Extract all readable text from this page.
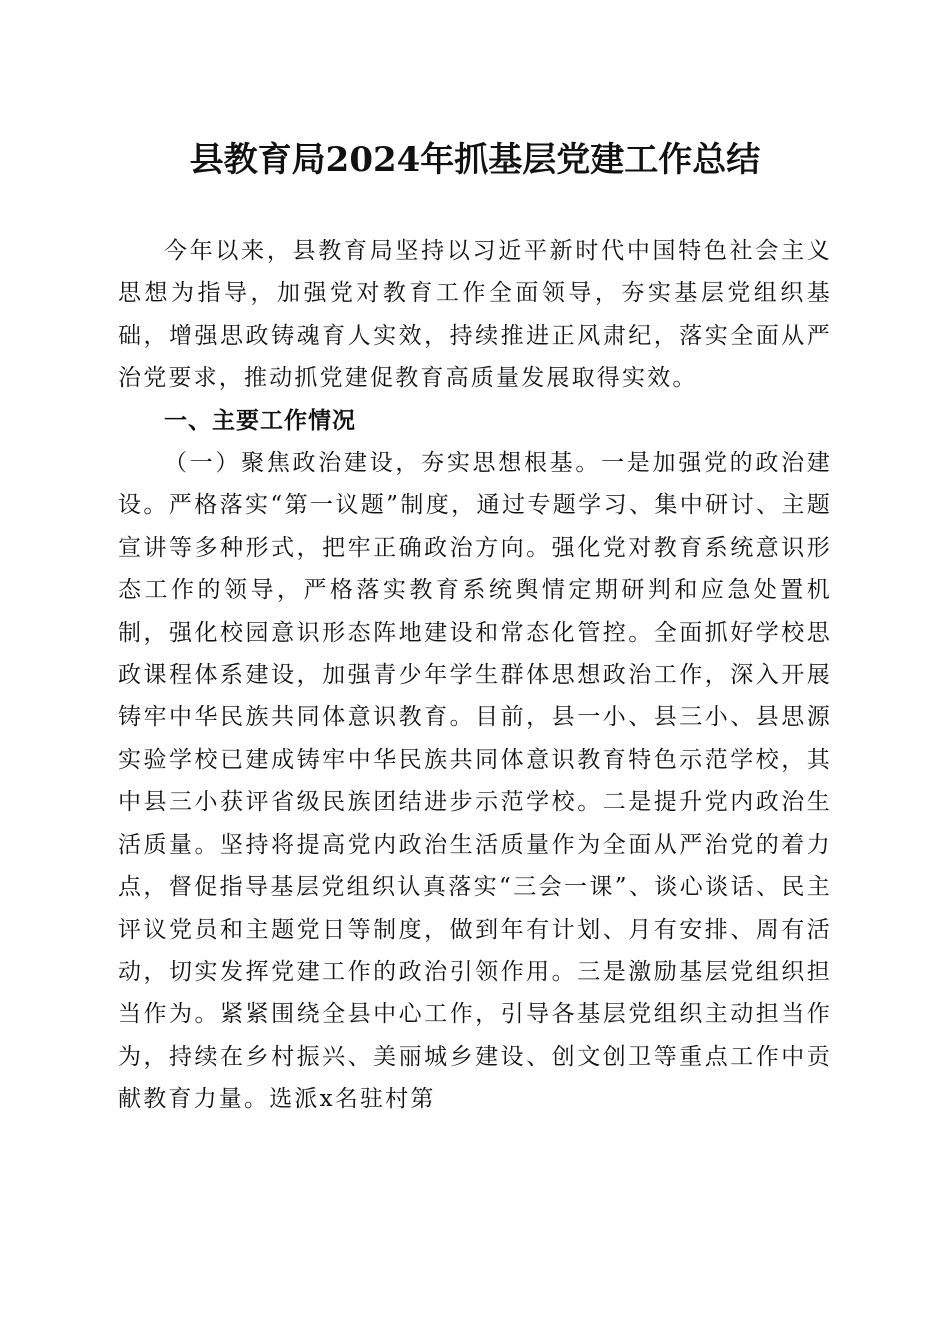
县教育局2024年抓基层党建工作总结

今年以来，县教育局坚持以习近平新时代中国特色社会主义思想为指导，加强党对教育工作全面领导，夯实基层党组织基础，增强思政铸魂育人实效，持续推进正风肃纪，落实全面从严治党要求，推动抓党建促教育高质量发展取得实效。

一、主要工作情况

（一）聚焦政治建设，夯实思想根基。一是加强党的政治建设。严格落实“第一议题”制度，通过专题学习、集中研讨、主题宣讲等多种形式，把牢正确政治方向。强化党对教育系统意识形态工作的领导，严格落实教育系统舆情定期研判和应急处置机制，强化校园意识形态阵地建设和常态化管控。全面抓好学校思政课程体系建设，加强青少年学生群体思想政治工作，深入开展铸牢中华民族共同体意识教育。目前，县一小、县三小、县思源实验学校已建成铸牢中华民族共同体意识教育特色示范学校，其中县三小获评省级民族团结进步示范学校。二是提升党内政治生活质量。坚持将提高党内政治生活质量作为全面从严治党的着力点，督促指导基层党组织认真落实“三会一课”、谈心谈话、民主评议党员和主题党日等制度，做到年有计划、月有安排、周有活动，切实发挥党建工作的政治引领作用。三是激励基层党组织担当作为。紧紧围绕全县中心工作，引导各基层党组织主动担当作为，持续在乡村振兴、美丽城乡建设、创文创卫等重点工作中贡献教育力量。选派x名驻村第
